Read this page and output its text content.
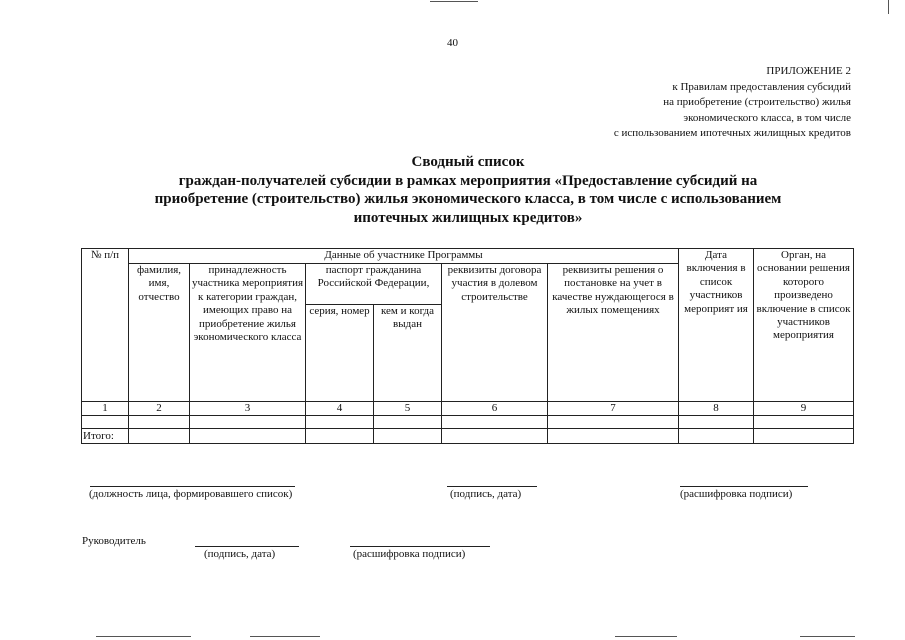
40
ПРИЛОЖЕНИЕ 2
к Правилам предоставления субсидий
на приобретение (строительство) жилья
экономического класса, в том числе
с использованием ипотечных жилищных кредитов
Сводный список
граждан-получателей субсидии в рамках мероприятия «Предоставление субсидий на
приобретение (строительство) жилья экономического класса, в том числе с использованием
ипотечных жилищных кредитов»
№ п/п	Данные об участнике Программы						Дата включения в список участников мероприят ия	Орган, на основании решения которого произведено включение в список участников мероприятия
	фамилия, имя, отчество	принадлежность участника мероприятия к категории граждан, имеющих право на приобретение жилья экономического класса	паспорт гражданина Российской Федерации,		реквизиты договора участия в долевом строительстве	реквизиты решения о постановке на учет в качестве нуждающегося в жилых помещениях		
			серия, номер	кем и когда выдан				
1	2	3	4	5	6	7	8	9

Итого:								
(должность лица, формировавшего список)	(подпись, дата)	(расшифровка подписи)
Руководитель
(подпись, дата)	(расшифровка подписи)
